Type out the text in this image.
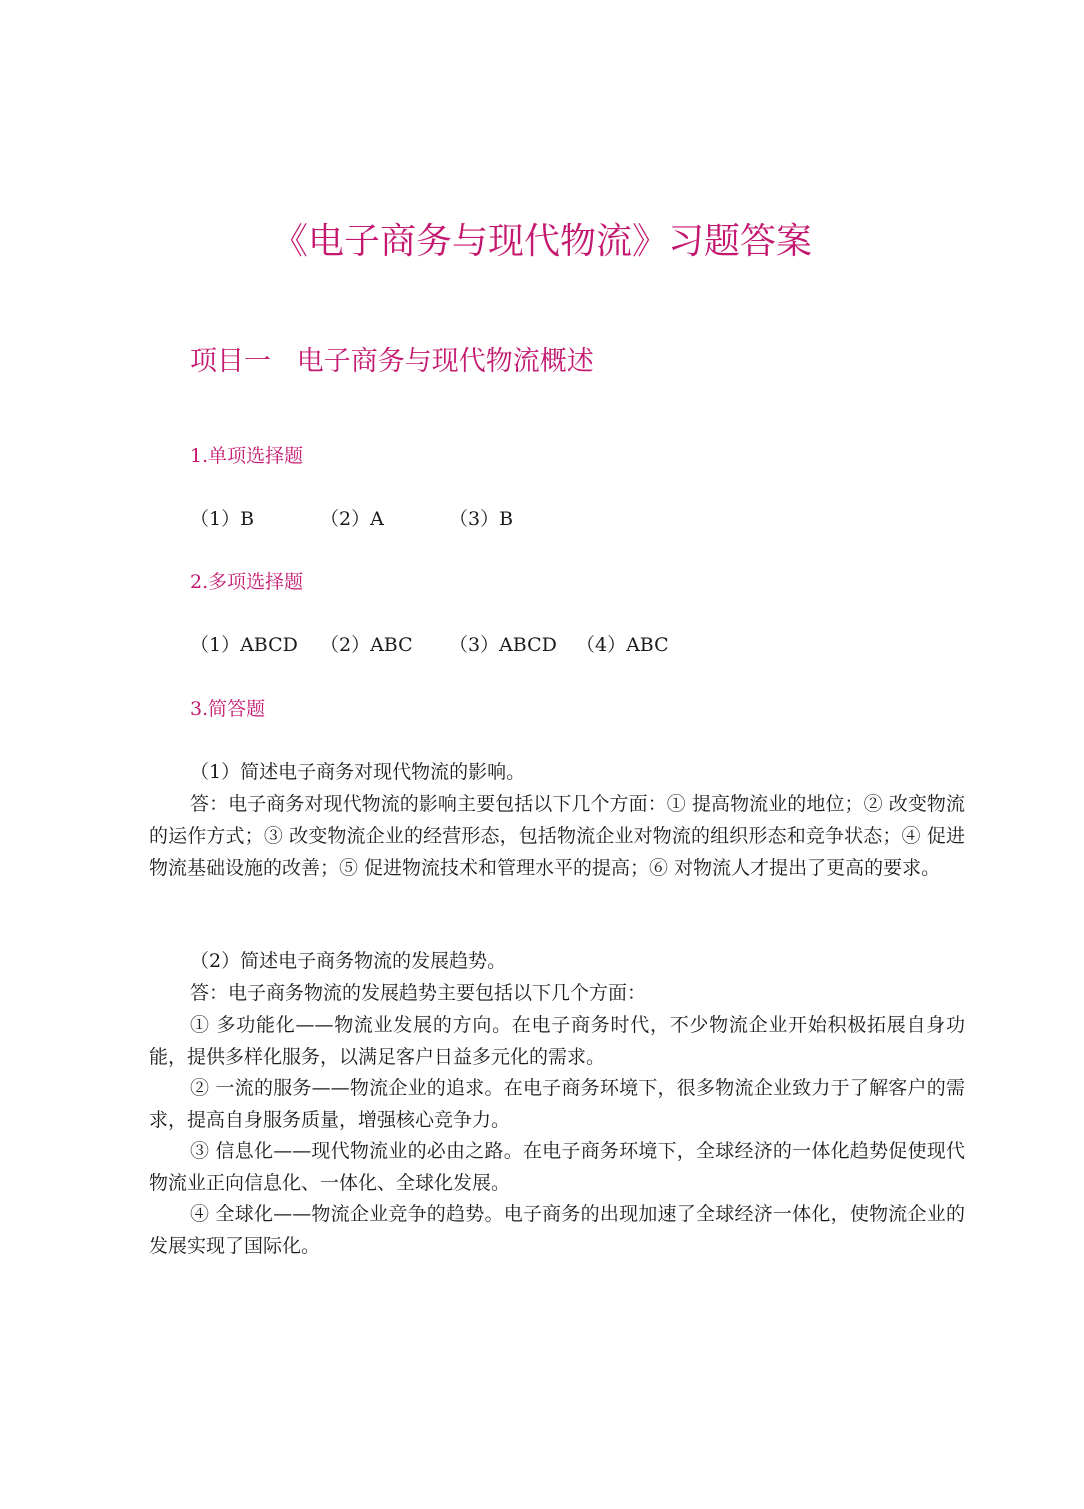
《电子商务与现代物流》习题答案
项目一 电子商务与现代物流概述
1.单项选择题
（1）B	（2）A	（3）B
2.多项选择题
（1）ABCD （2）ABC （3）ABCD （4）ABC
3.简答题

（1）简述电子商务对现代物流的影响。

答：电子商务对现代物流的影响主要包括以下几个方面：① 提高物流业的地位；② 改变物流的运作方式；③ 改变物流企业的经营形态，包括物流企业对物流的组织形态和竞争状态；④ 促进物流基础设施的改善；⑤ 促进物流技术和管理水平的提高；⑥ 对物流人才提出了更高的要求。

（2）简述电子商务物流的发展趋势。

答：电子商务物流的发展趋势主要包括以下几个方面：

① 多功能化——物流业发展的方向。在电子商务时代，不少物流企业开始积极拓展自身功能，提供多样化服务，以满足客户日益多元化的需求。

② 一流的服务——物流企业的追求。在电子商务环境下，很多物流企业致力于了解客户的需求，提高自身服务质量，增强核心竞争力。

③ 信息化——现代物流业的必由之路。在电子商务环境下，全球经济的一体化趋势促使现代物流业正向信息化、一体化、全球化发展。

④ 全球化——物流企业竞争的趋势。电子商务的出现加速了全球经济一体化，使物流企业的发展实现了国际化。
